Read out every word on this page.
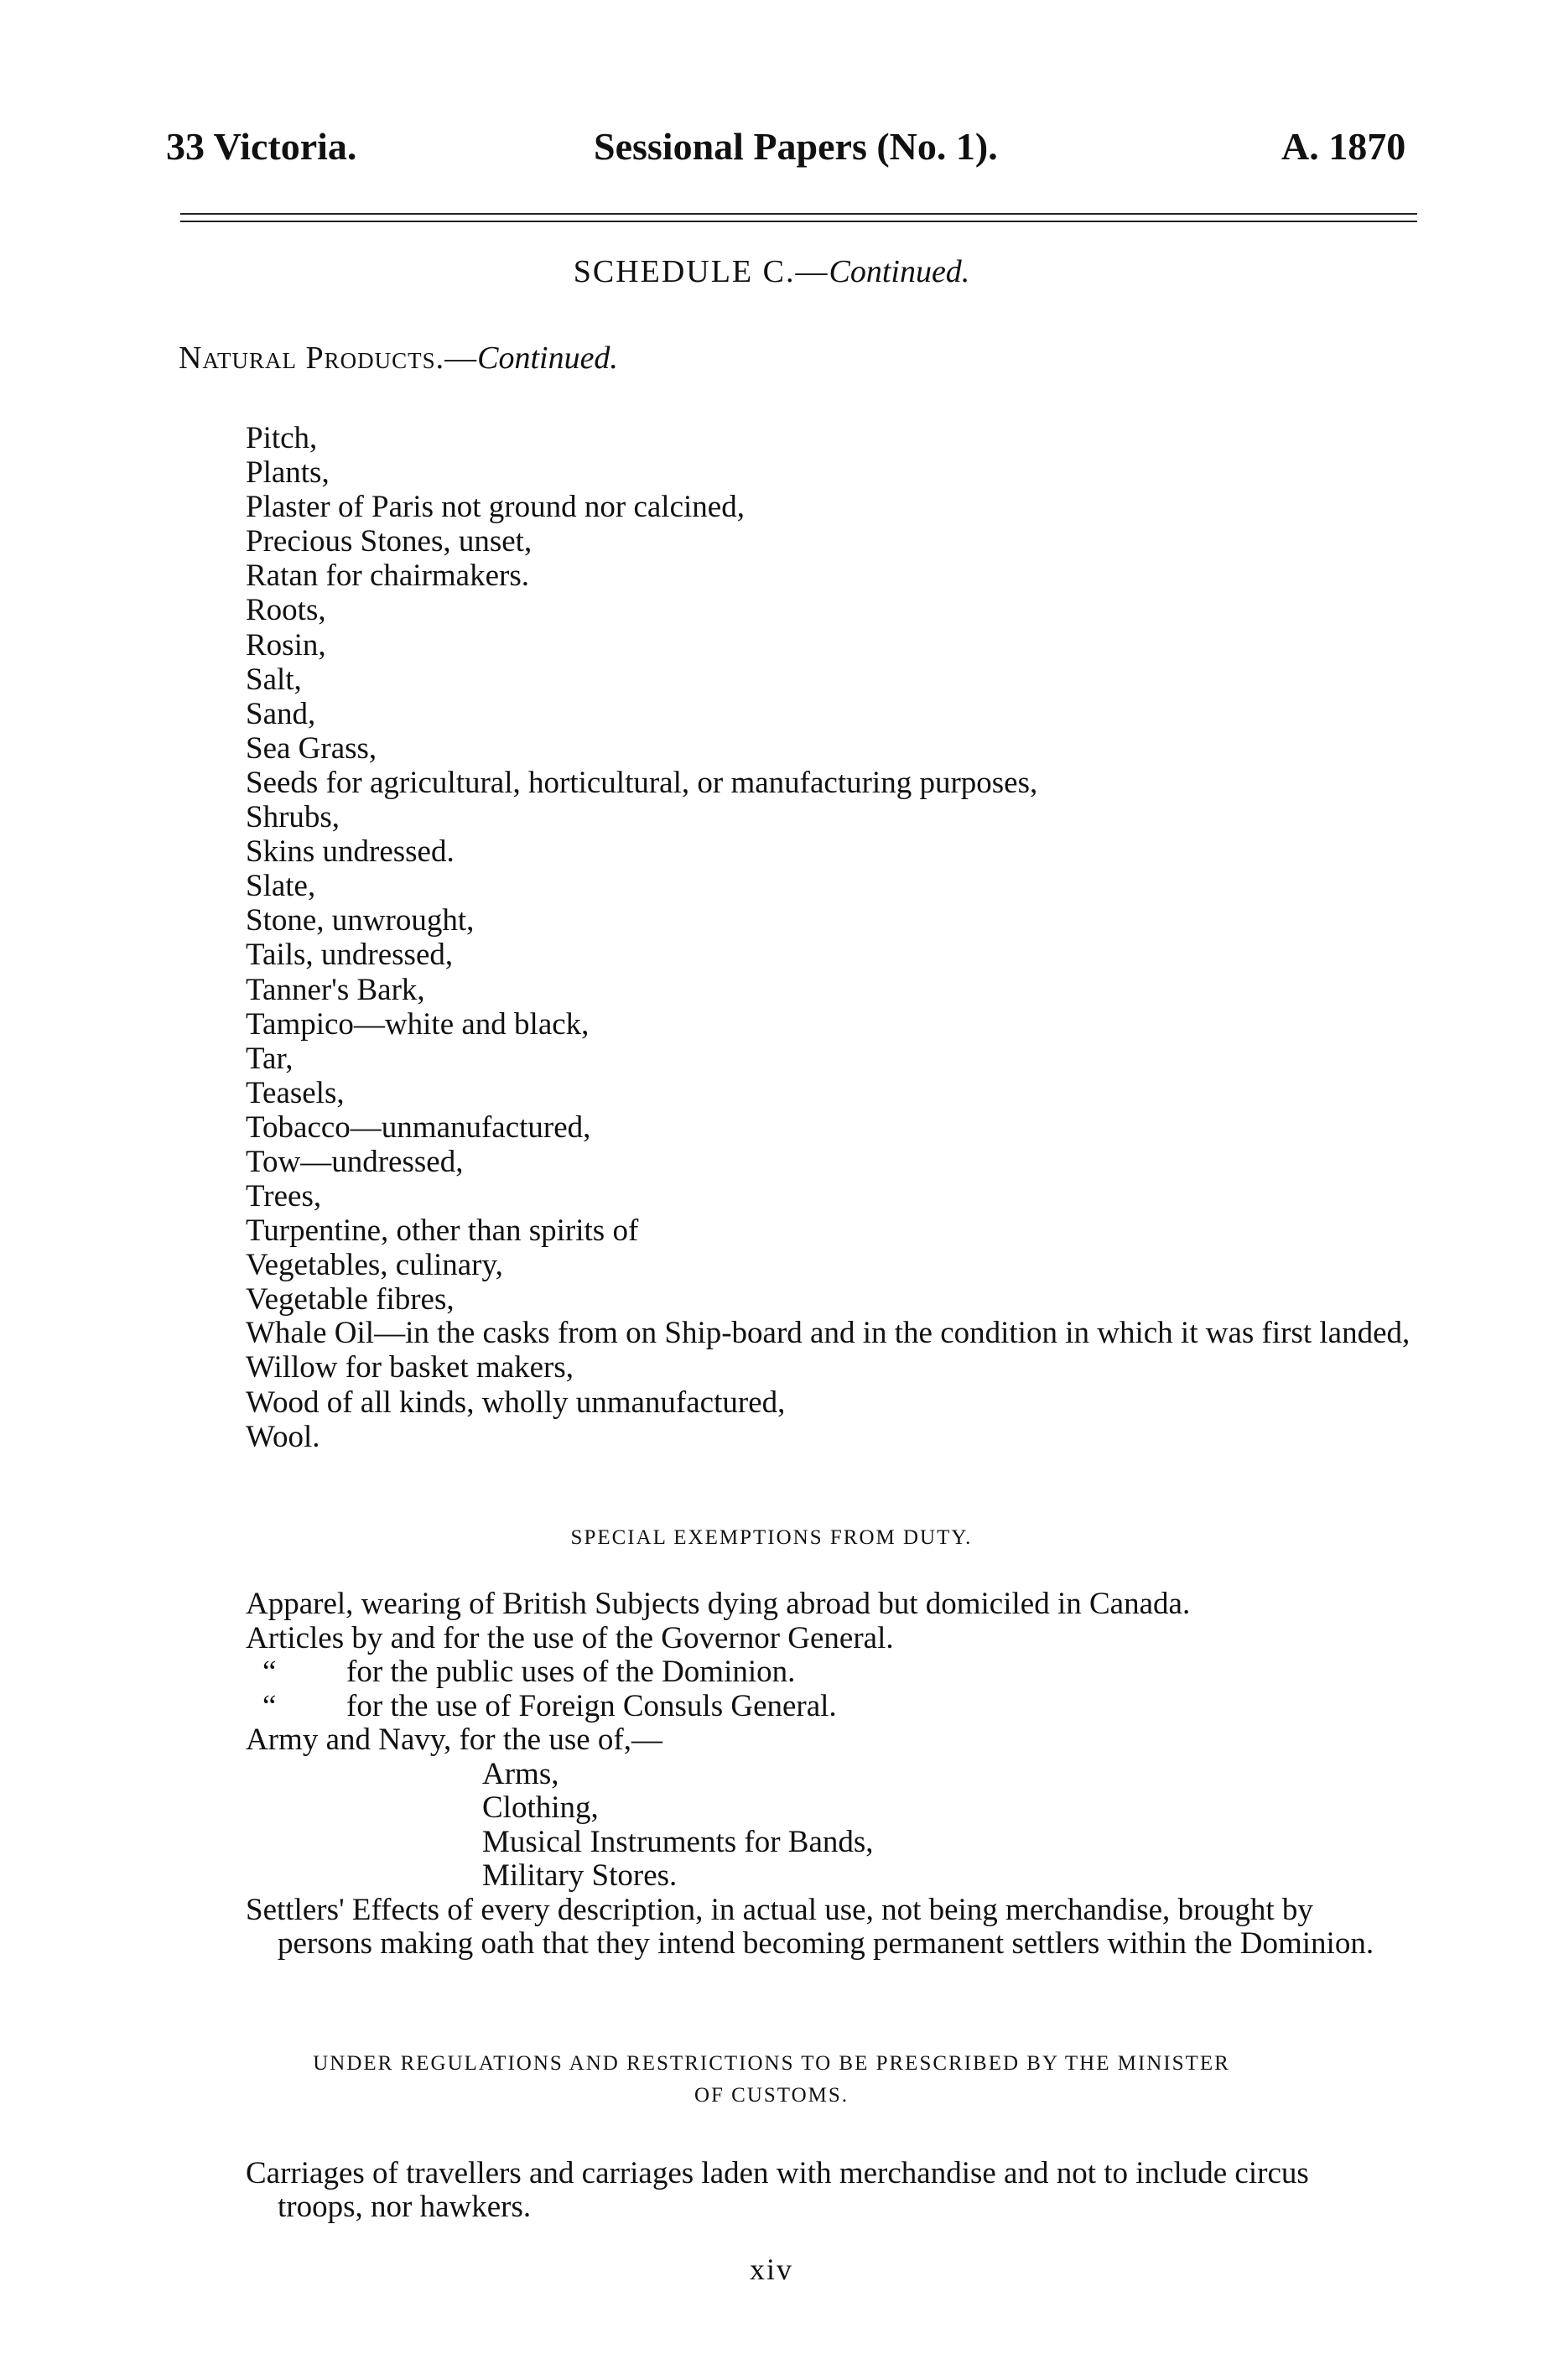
33 Victoria.	Sessional Papers (No. 1).	A. 1870
SCHEDULE C.—Continued.
Natural Products.—Continued.
Pitch,
Plants,
Plaster of Paris not ground nor calcined,
Precious Stones, unset,
Ratan for chairmakers.
Roots,
Rosin,
Salt,
Sand,
Sea Grass,
Seeds for agricultural, horticultural, or manufacturing purposes,
Shrubs,
Skins undressed.
Slate,
Stone, unwrought,
Tails, undressed,
Tanner's Bark,
Tampico—white and black,
Tar,
Teasels,
Tobacco—unmanufactured,
Tow—undressed,
Trees,
Turpentine, other than spirits of
Vegetables, culinary,
Vegetable fibres,
Whale Oil—in the casks from on Ship-board and in the condition in which it was first landed,
Willow for basket makers,
Wood of all kinds, wholly unmanufactured,
Wool.
SPECIAL EXEMPTIONS FROM DUTY.
Apparel, wearing of British Subjects dying abroad but domiciled in Canada.
Articles by and for the use of the Governor General.
“ for the public uses of the Dominion.
“ for the use of Foreign Consuls General.
Army and Navy, for the use of,—
Arms,
Clothing,
Musical Instruments for Bands,
Military Stores.
Settlers' Effects of every description, in actual use, not being merchandise, brought by
persons making oath that they intend becoming permanent settlers within the Dominion.
UNDER REGULATIONS AND RESTRICTIONS TO BE PRESCRIBED BY THE MINISTER
OF CUSTOMS.
Carriages of travellers and carriages laden with merchandise and not to include circus
troops, nor hawkers.
xiv
